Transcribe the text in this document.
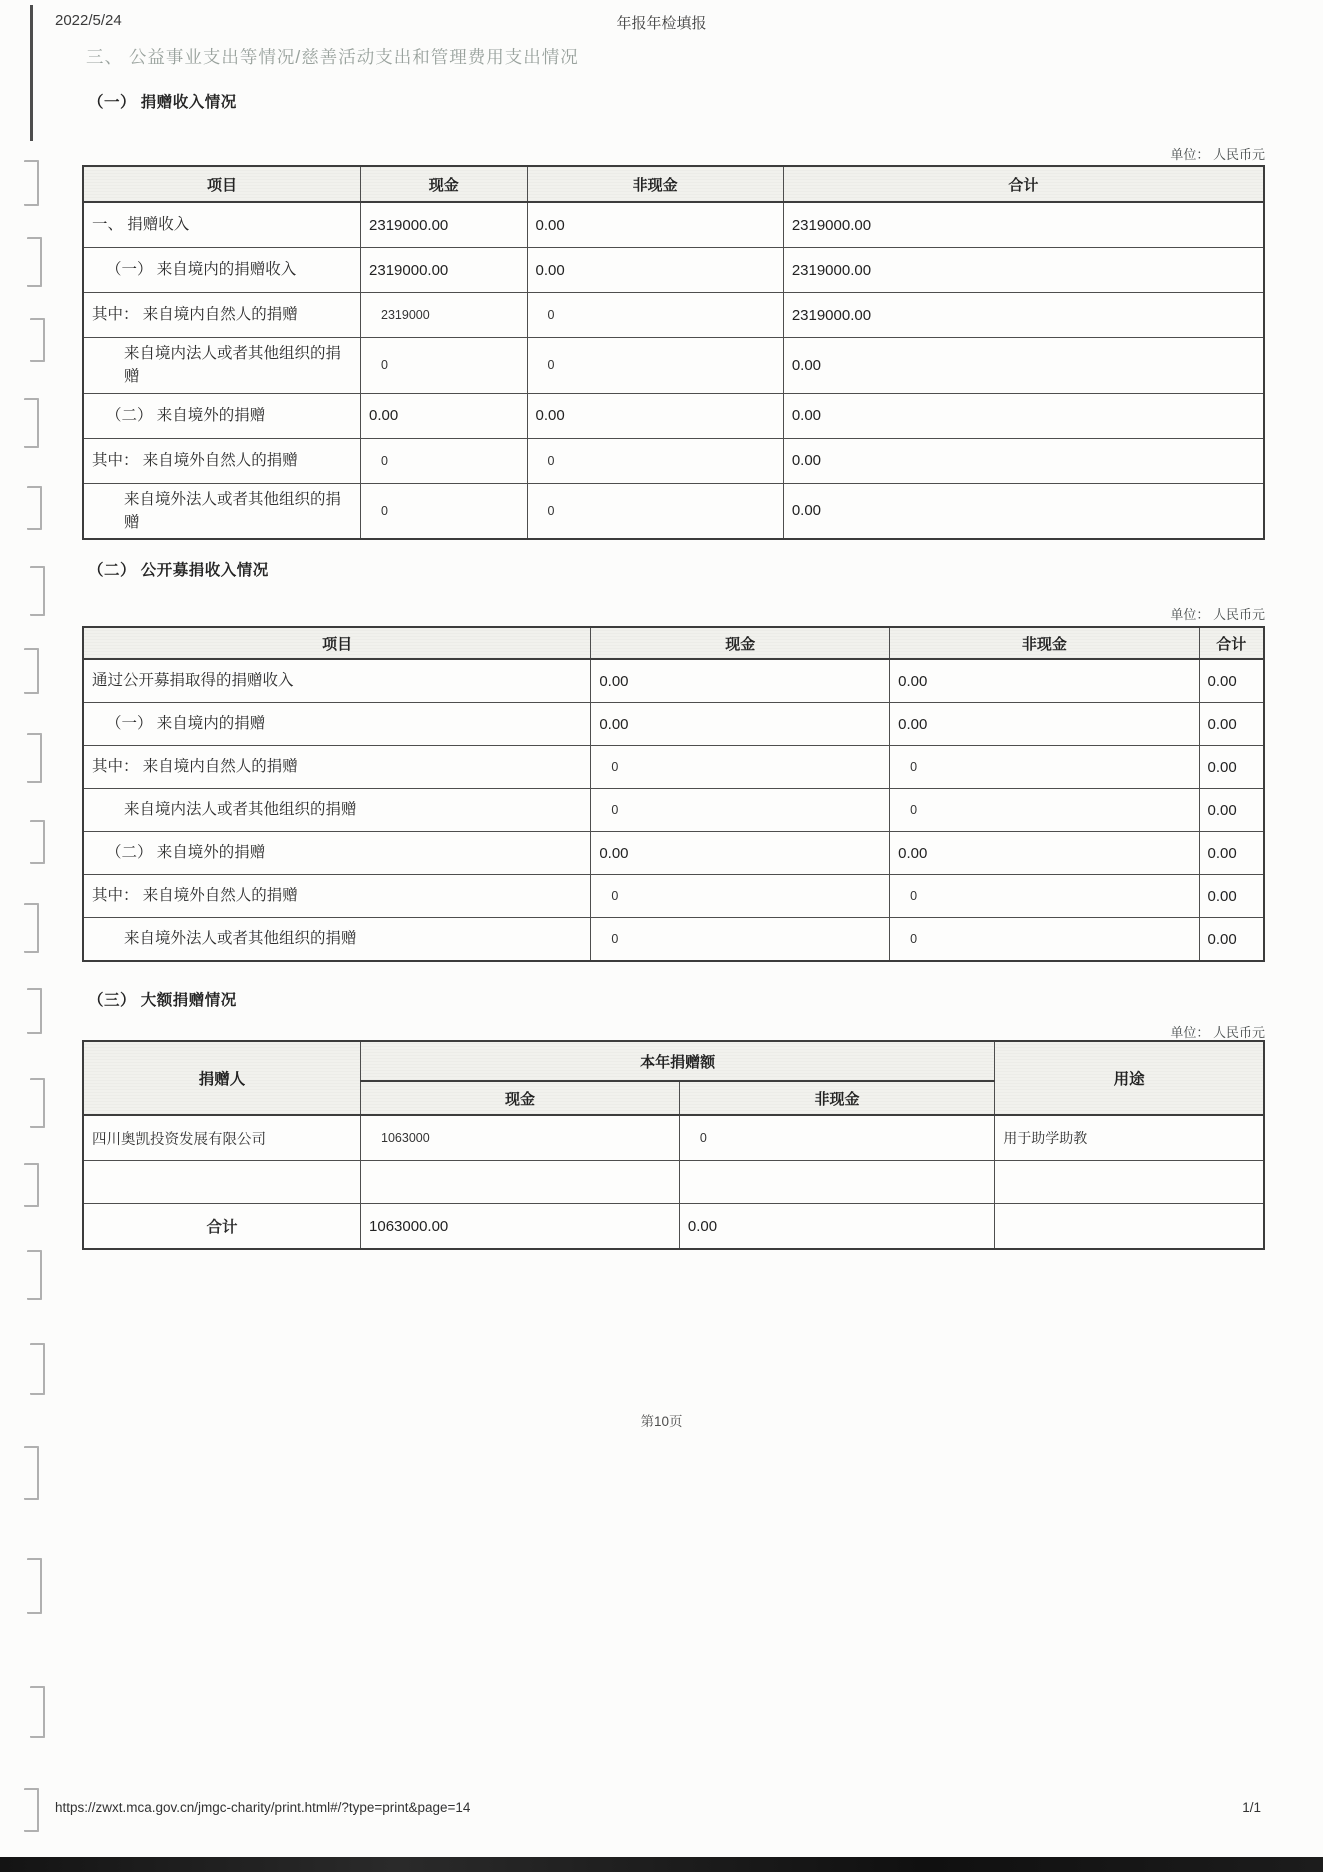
2022/5/24	年报年检填报
三、 公益事业支出等情况/慈善活动支出和管理费用支出情况
（一） 捐赠收入情况
单位： 人民币元
项目	现金	非现金	合计
一、 捐赠收入	2319000.00	0.00	2319000.00
（一） 来自境内的捐赠收入	2319000.00	0.00	2319000.00
其中： 来自境内自然人的捐赠	2319000	0	2319000.00
来自境内法人或者其他组织的捐赠	0	0	0.00
（二） 来自境外的捐赠	0.00	0.00	0.00
其中： 来自境外自然人的捐赠	0	0	0.00
来自境外法人或者其他组织的捐赠	0	0	0.00
（二） 公开募捐收入情况
单位： 人民币元
项目	现金	非现金	合计
通过公开募捐取得的捐赠收入	0.00	0.00	0.00
（一） 来自境内的捐赠	0.00	0.00	0.00
其中： 来自境内自然人的捐赠	0	0	0.00
来自境内法人或者其他组织的捐赠	0	0	0.00
（二） 来自境外的捐赠	0.00	0.00	0.00
其中： 来自境外自然人的捐赠	0	0	0.00
来自境外法人或者其他组织的捐赠	0	0	0.00
（三） 大额捐赠情况
单位： 人民币元
捐赠人	本年捐赠额		用途
	现金	非现金	
四川奥凯投资发展有限公司	1063000	0	用于助学助教

合计	1063000.00	0.00	
第10页
https://zwxt.mca.gov.cn/jmgc-charity/print.html#/?type=print&page=14	1/1
